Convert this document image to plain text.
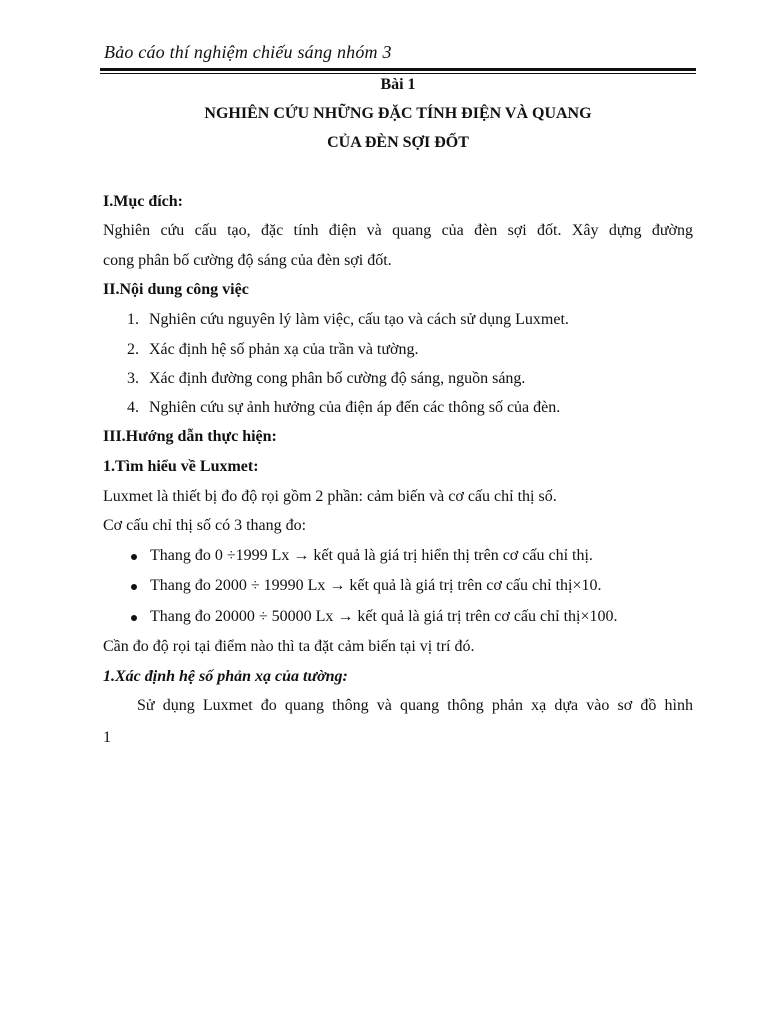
Bảo cáo thí nghiệm chiếu sáng nhóm 3
Bài 1
NGHIÊN CỨU NHỮNG ĐẶC TÍNH ĐIỆN VÀ QUANG
CỦA ĐÈN SỢI ĐỐT
I.Mục đích:
Nghiên cứu cấu tạo, đặc tính điện và quang của đèn sợi đốt. Xây dựng đường
cong phân bố cường độ sáng của đèn sợi đốt.
II.Nội dung công việc
1. Nghiên cứu nguyên lý làm việc, cấu tạo và cách sử dụng Luxmet.
2. Xác định hệ số phản xạ của trần và tường.
3. Xác định đường cong phân bố cường độ sáng, nguồn sáng.
4. Nghiên cứu sự ảnh hưởng của điện áp đến các thông số của đèn.
III.Hướng dẫn thực hiện:
1.Tìm hiểu về Luxmet:
Luxmet là thiết bị đo độ rọi gồm 2 phần: cảm biến và cơ cấu chỉ thị số.
Cơ cấu chỉ thị số có 3 thang đo:
Thang đo 0 ÷1999 Lx → kết quả là giá trị hiển thị trên cơ cấu chỉ thị.
Thang đo 2000 ÷ 19990 Lx → kết quả là giá trị trên cơ cấu chỉ thị×10.
Thang đo 20000 ÷ 50000 Lx → kết quả là giá trị trên cơ cấu chỉ thị×100.
Cần đo độ rọi tại điểm nào thì ta đặt cảm biến tại vị trí đó.
1.Xác định hệ số phản xạ của tường:
Sử dụng Luxmet đo quang thông và quang thông phản xạ dựa vào sơ đồ hình
1
